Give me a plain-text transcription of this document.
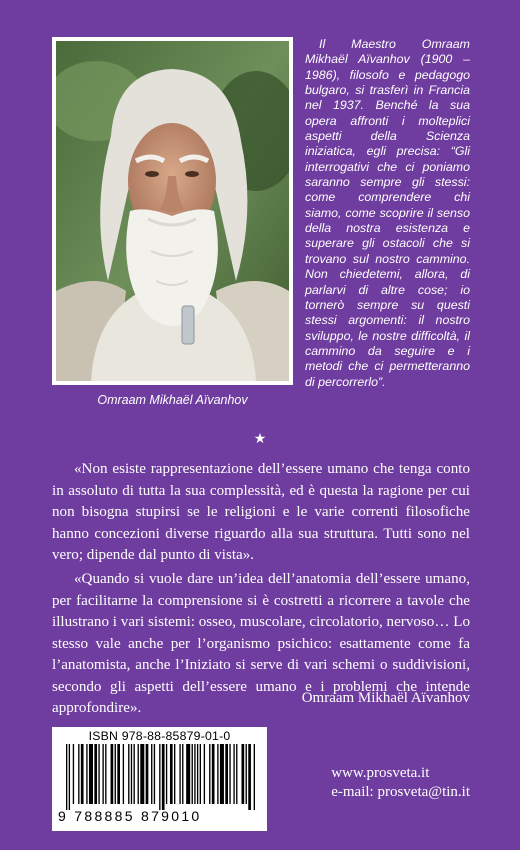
Omraam Mikhaël Aïvanhov

Il Maestro Omraam Mikhaël Aïvanhov (1900 – 1986), filosofo e pedagogo bulgaro, si trasferì in Francia nel 1937. Benché la sua opera affronti i molteplici aspetti della Scienza iniziatica, egli precisa: “Gli interrogativi che ci poniamo saranno sempre gli stessi: come comprendere chi siamo, come scoprire il senso della nostra esistenza e superare gli ostacoli che si trovano sul nostro cammino. Non chiedetemi, allora, di parlarvi di altre cose; io tornerò sempre su questi stessi argomenti: il nostro sviluppo, le nostre difficoltà, il cammino da seguire e i metodi che ci permetteranno di percorrerlo”.

★

«Non esiste rappresentazione dell’essere umano che tenga conto in assoluto di tutta la sua complessità, ed è questa la ragione per cui non bisogna stupirsi se le religioni e le varie correnti filosofiche hanno concezioni diverse riguardo alla sua struttura. Tutti sono nel vero; dipende dal punto di vista».

«Quando si vuole dare un’idea dell’anatomia dell’essere umano, per facilitarne la comprensione si è costretti a ricorrere a tavole che illustrano i vari sistemi: osseo, muscolare, circolatorio, nervoso… Lo stesso vale anche per l’organismo psichico: esattamente come fa l’anatomista, anche l’Iniziato si serve di vari schemi o suddivisioni, secondo gli aspetti dell’essere umano e i problemi che intende approfondire».

Omraam Mikhaël Aïvanhov
ISBN 978-88-85879-01-0
9 788885 879010
www.prosveta.it
e-mail: prosveta@tin.it
